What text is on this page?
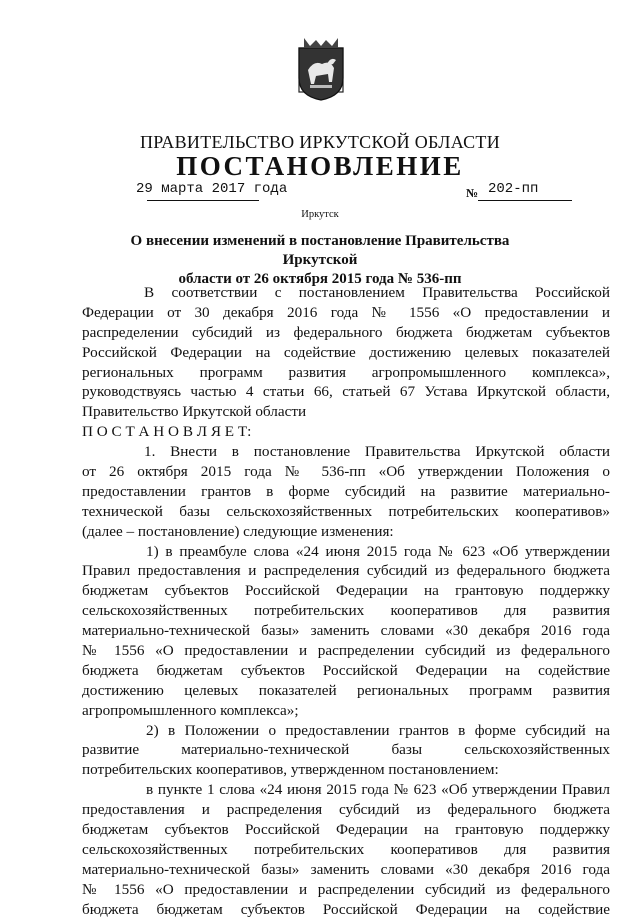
ПРАВИТЕЛЬСТВО ИРКУТСКОЙ ОБЛАСТИ
ПОСТАНОВЛЕНИЕ
29 марта 2017 года	№ 202-пп
Иркутск
О внесении изменений в постановление Правительства Иркутской
области от 26 октября 2015 года № 536-пп
В соответствии с постановлением Правительства Российской
Федерации от 30 декабря 2016 года № 1556 «О предоставлении и
распределении субсидий из федерального бюджета бюджетам субъектов
Российской Федерации на содействие достижению целевых показателей
региональных программ развития агропромышленного комплекса»,
руководствуясь частью 4 статьи 66, статьей 67 Устава Иркутской области,
Правительство Иркутской области
П О С Т А Н О В Л Я Е Т:
1. Внести в постановление Правительства Иркутской области
от 26 октября 2015 года № 536-пп «Об утверждении Положения о
предоставлении грантов в форме субсидий на развитие материально-
технической базы сельскохозяйственных потребительских кооперативов»
(далее – постановление) следующие изменения:
1) в преамбуле слова «24 июня 2015 года № 623 «Об утверждении
Правил предоставления и распределения субсидий из федерального бюджета
бюджетам субъектов Российской Федерации на грантовую поддержку
сельскохозяйственных потребительских кооперативов для развития
материально-технической базы» заменить словами «30 декабря 2016 года
№ 1556 «О предоставлении и распределении субсидий из федерального
бюджета бюджетам субъектов Российской Федерации на содействие
достижению целевых показателей региональных программ развития
агропромышленного комплекса»;
2) в Положении о предоставлении грантов в форме субсидий на
развитие материально-технической базы сельскохозяйственных
потребительских кооперативов, утвержденном постановлением:
в пункте 1 слова «24 июня 2015 года № 623 «Об утверждении Правил
предоставления и распределения субсидий из федерального бюджета
бюджетам субъектов Российской Федерации на грантовую поддержку
сельскохозяйственных потребительских кооперативов для развития
материально-технической базы» заменить словами «30 декабря 2016 года
№ 1556 «О предоставлении и распределении субсидий из федерального
бюджета бюджетам субъектов Российской Федерации на содействие
